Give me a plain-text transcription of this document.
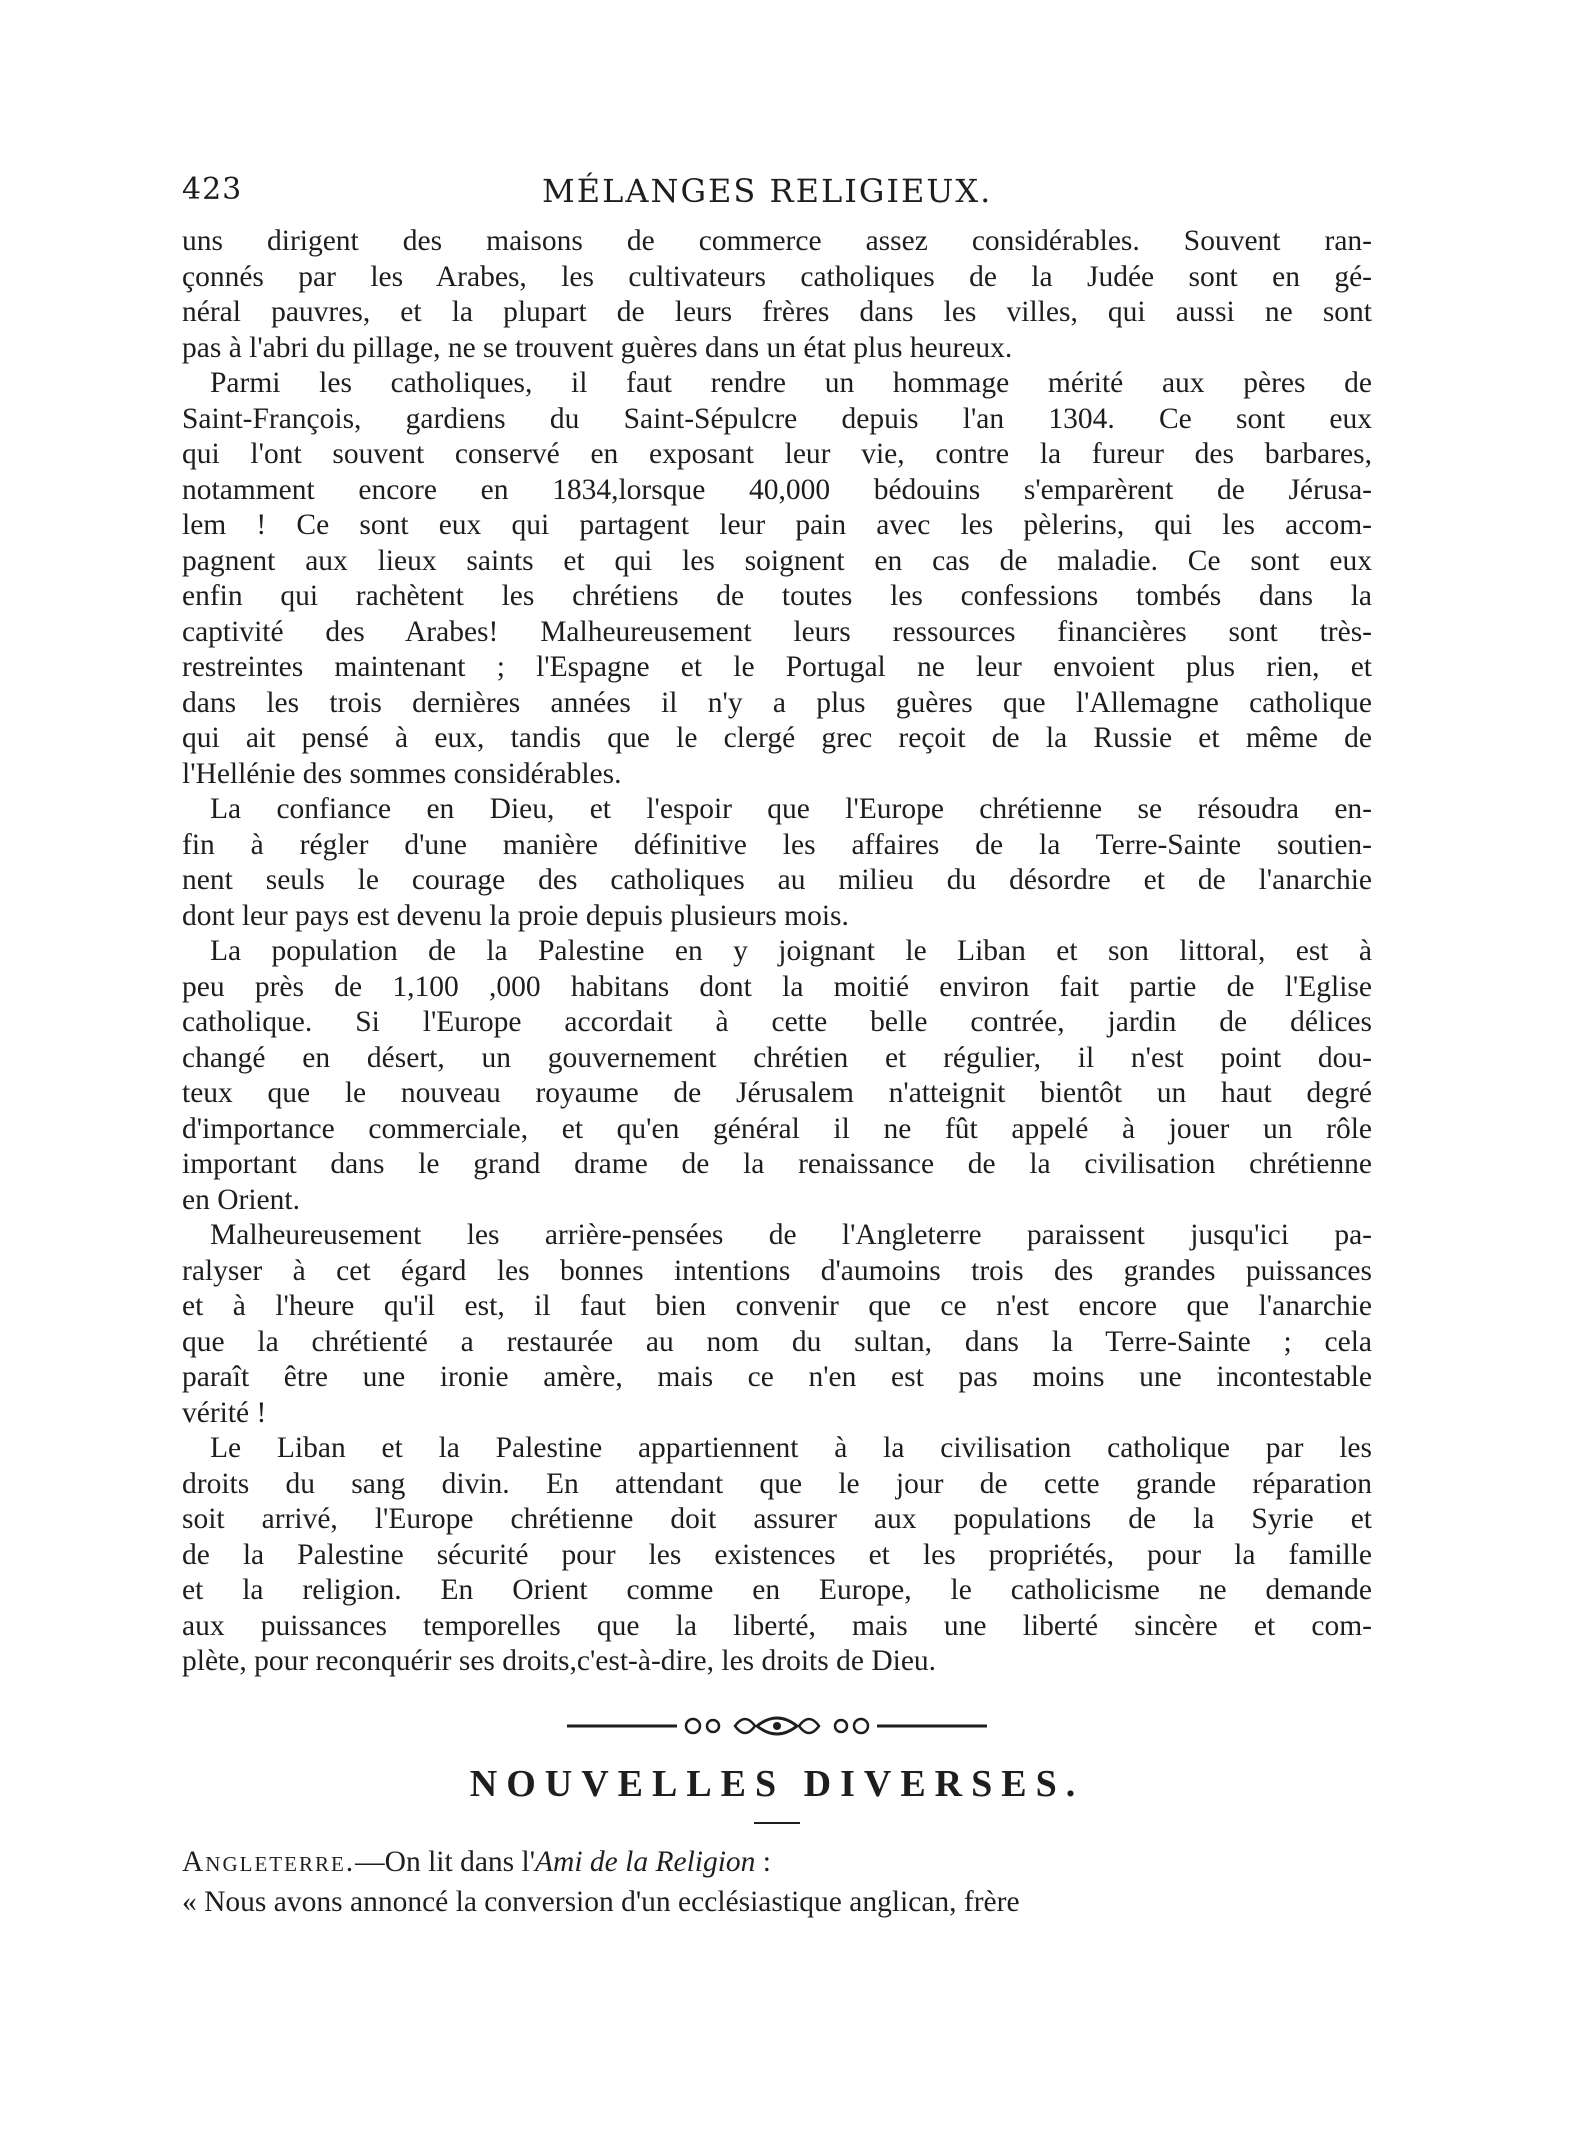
423	MÉLANGES RELIGIEUX.

uns dirigent des maisons de commerce assez considérables. Souvent ran-
çonnés par les Arabes, les cultivateurs catholiques de la Judée sont en gé-
néral pauvres, et la plupart de leurs frères dans les villes, qui aussi ne sont
pas à l'abri du pillage, ne se trouvent guères dans un état plus heureux.

Parmi les catholiques, il faut rendre un hommage mérité aux pères de
Saint-François, gardiens du Saint-Sépulcre depuis l'an 1304. Ce sont eux
qui l'ont souvent conservé en exposant leur vie, contre la fureur des barbares,
notamment encore en 1834,lorsque 40,000 bédouins s'emparèrent de Jérusa-
lem ! Ce sont eux qui partagent leur pain avec les pèlerins, qui les accom-
pagnent aux lieux saints et qui les soignent en cas de maladie. Ce sont eux
enfin qui rachètent les chrétiens de toutes les confessions tombés dans la
captivité des Arabes! Malheureusement leurs ressources financières sont très-
restreintes maintenant ; l'Espagne et le Portugal ne leur envoient plus rien, et
dans les trois dernières années il n'y a plus guères que l'Allemagne catholique
qui ait pensé à eux, tandis que le clergé grec reçoit de la Russie et même de
l'Hellénie des sommes considérables.

La confiance en Dieu, et l'espoir que l'Europe chrétienne se résoudra en-
fin à régler d'une manière définitive les affaires de la Terre-Sainte soutien-
nent seuls le courage des catholiques au milieu du désordre et de l'anarchie
dont leur pays est devenu la proie depuis plusieurs mois.

La population de la Palestine en y joignant le Liban et son littoral, est à
peu près de 1,100 ,000 habitans dont la moitié environ fait partie de l'Eglise
catholique. Si l'Europe accordait à cette belle contrée, jardin de délices
changé en désert, un gouvernement chrétien et régulier, il n'est point dou-
teux que le nouveau royaume de Jérusalem n'atteignit bientôt un haut degré
d'importance commerciale, et qu'en général il ne fût appelé à jouer un rôle
important dans le grand drame de la renaissance de la civilisation chrétienne
en Orient.

Malheureusement les arrière-pensées de l'Angleterre paraissent jusqu'ici pa-
ralyser à cet égard les bonnes intentions d'aumoins trois des grandes puissances
et à l'heure qu'il est, il faut bien convenir que ce n'est encore que l'anarchie
que la chrétienté a restaurée au nom du sultan, dans la Terre-Sainte ; cela
paraît être une ironie amère, mais ce n'en est pas moins une incontestable
vérité !

Le Liban et la Palestine appartiennent à la civilisation catholique par les
droits du sang divin. En attendant que le jour de cette grande réparation
soit arrivé, l'Europe chrétienne doit assurer aux populations de la Syrie et
de la Palestine sécurité pour les existences et les propriétés, pour la famille
et la religion. En Orient comme en Europe, le catholicisme ne demande
aux puissances temporelles que la liberté, mais une liberté sincère et com-
plète, pour reconquérir ses droits,c'est-à-dire, les droits de Dieu.

NOUVELLES DIVERSES.

Angleterre.—On lit dans l'Ami de la Religion :

« Nous avons annoncé la conversion d'un ecclésiastique anglican, frère
